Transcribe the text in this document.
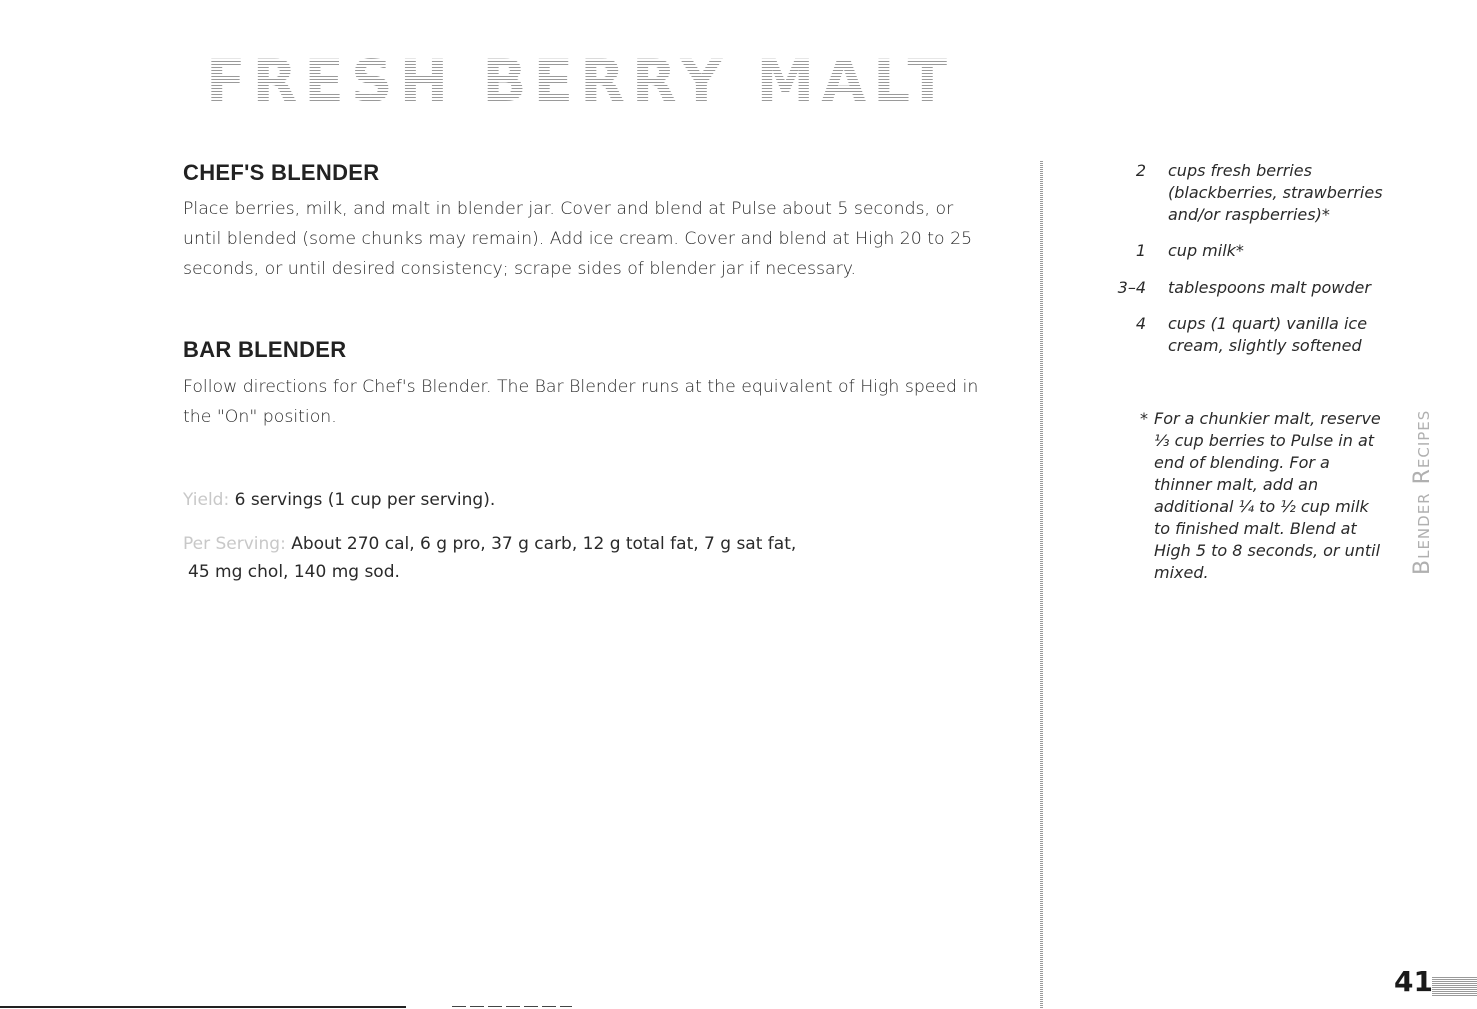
FRESH BERRY MALT
CHEF'S BLENDER

Place berries, milk, and malt in blender jar. Cover and blend at Pulse about 5 seconds, or until blended (some chunks may remain). Add ice cream. Cover and blend at High 20 to 25 seconds, or until desired consistency; scrape sides of blender jar if necessary.

BAR BLENDER

Follow directions for Chef's Blender. The Bar Blender runs at the equivalent of High speed in the "On" position.

Yield: 6 servings (1 cup per serving).

Per Serving: About 270 cal, 6 g pro, 37 g carb, 12 g total fat, 7 g sat fat,

45 mg chol, 140 mg sod.

2 cups fresh berries (blackberries, strawberries and/or raspberries)*
1 cup milk*
3–4 tablespoons malt powder
4 cups (1 quart) vanilla ice cream, slightly softened

* For a chunkier malt, reserve ⅓ cup berries to Pulse in at end of blending. For a thinner malt, add an additional ¼ to ½ cup milk to finished malt. Blend at High 5 to 8 seconds, or until mixed.	Blender Recipes

41
